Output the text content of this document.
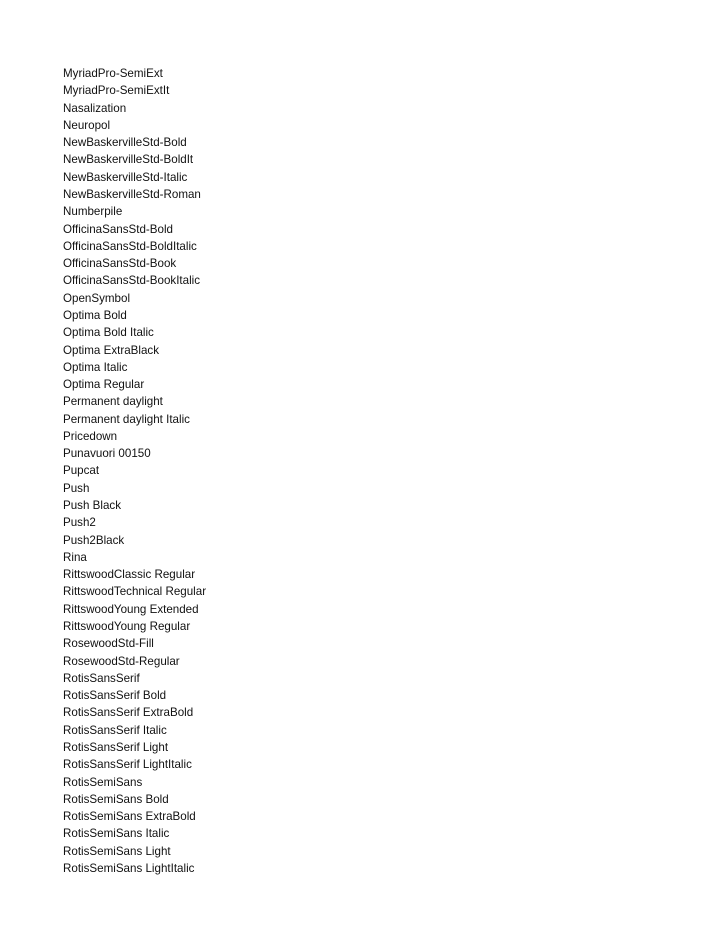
MyriadPro-SemiExt
MyriadPro-SemiExtIt
Nasalization
Neuropol
NewBaskervilleStd-Bold
NewBaskervilleStd-BoldIt
NewBaskervilleStd-Italic
NewBaskervilleStd-Roman
Numberpile
OfficinaSansStd-Bold
OfficinaSansStd-BoldItalic
OfficinaSansStd-Book
OfficinaSansStd-BookItalic
OpenSymbol
Optima Bold
Optima Bold Italic
Optima ExtraBlack
Optima Italic
Optima Regular
Permanent daylight
Permanent daylight Italic
Pricedown
Punavuori 00150
Pupcat
Push
Push Black
Push2
Push2Black
Rina
RittswoodClassic Regular
RittswoodTechnical Regular
RittswoodYoung Extended
RittswoodYoung Regular
RosewoodStd-Fill
RosewoodStd-Regular
RotisSansSerif
RotisSansSerif Bold
RotisSansSerif ExtraBold
RotisSansSerif Italic
RotisSansSerif Light
RotisSansSerif LightItalic
RotisSemiSans
RotisSemiSans Bold
RotisSemiSans ExtraBold
RotisSemiSans Italic
RotisSemiSans Light
RotisSemiSans LightItalic
